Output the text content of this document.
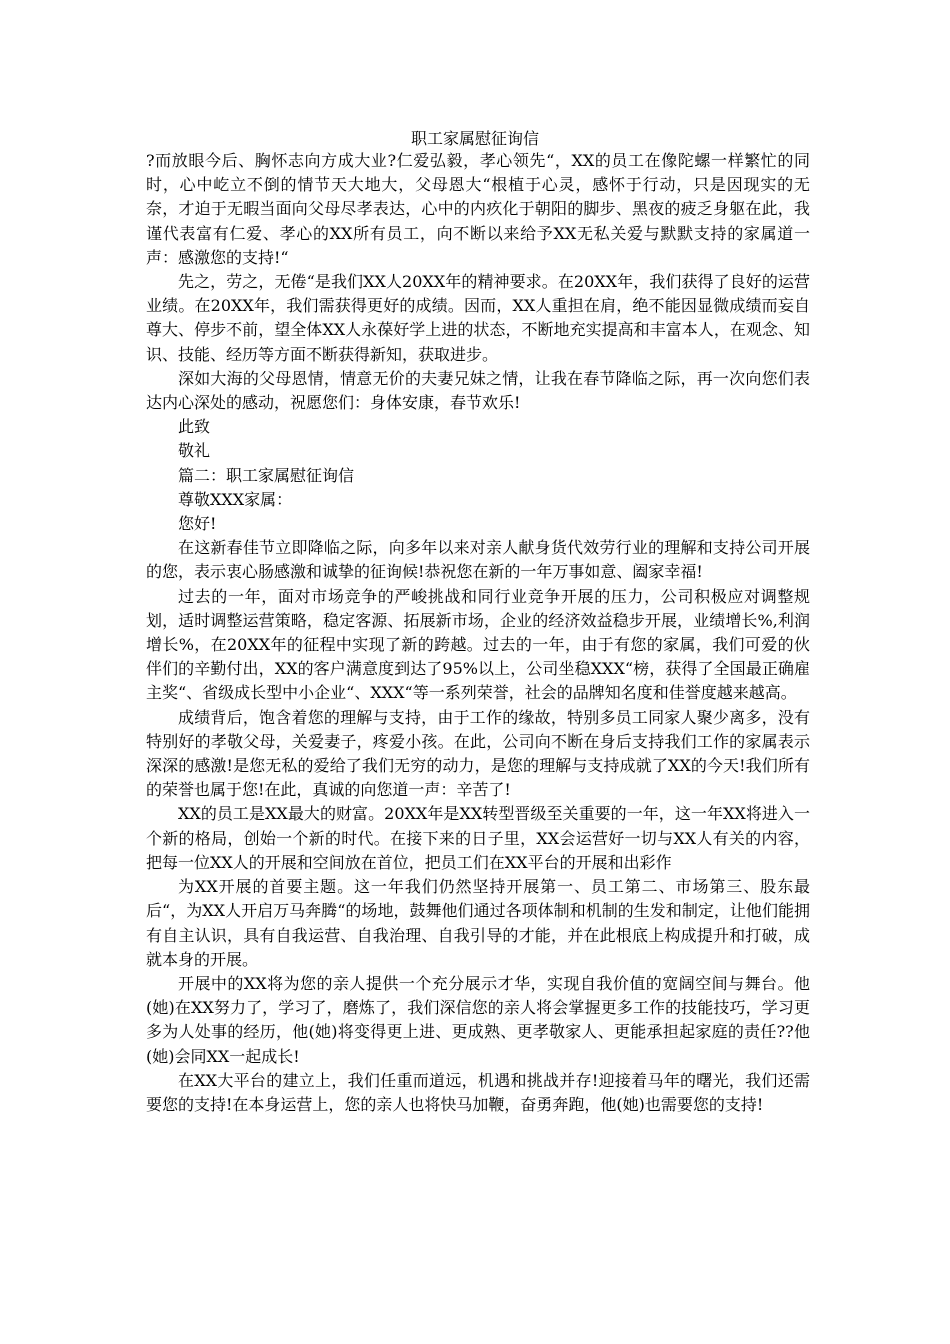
职工家属慰征询信

?而放眼今后、胸怀志向方成大业?仁爱弘毅，孝心领先“，XX的员工在像陀螺一样繁忙的同时，心中屹立不倒的情节天大地大，父母恩大“根植于心灵，感怀于行动，只是因现实的无奈，才迫于无暇当面向父母尽孝表达，心中的内疚化于朝阳的脚步、黑夜的疲乏身躯在此，我谨代表富有仁爱、孝心的XX所有员工，向不断以来给予XX无私关爱与默默支持的家属道一声：感激您的支持!“

先之，劳之，无倦“是我们XX人20XX年的精神要求。在20XX年，我们获得了良好的运营业绩。在20XX年，我们需获得更好的成绩。因而，XX人重担在肩，绝不能因显微成绩而妄自尊大、停步不前，望全体XX人永葆好学上进的状态，不断地充实提高和丰富本人，在观念、知识、技能、经历等方面不断获得新知，获取进步。

深如大海的父母恩情，情意无价的夫妻兄妹之情，让我在春节降临之际，再一次向您们表达内心深处的感动，祝愿您们：身体安康，春节欢乐!

此致

敬礼

篇二：职工家属慰征询信

尊敬XXX家属：

您好!

在这新春佳节立即降临之际，向多年以来对亲人献身货代效劳行业的理解和支持公司开展的您，表示衷心肠感激和诚挚的征询候!恭祝您在新的一年万事如意、阖家幸福!

过去的一年，面对市场竞争的严峻挑战和同行业竞争开展的压力，公司积极应对调整规划，适时调整运营策略，稳定客源、拓展新市场，企业的经济效益稳步开展，业绩增长%,利润增长%，在20XX年的征程中实现了新的跨越。过去的一年，由于有您的家属，我们可爱的伙伴们的辛勤付出，XX的客户满意度到达了95%以上，公司坐稳XXX“榜，获得了全国最正确雇主奖“、省级成长型中小企业“、XXX“等一系列荣誉，社会的品牌知名度和佳誉度越来越高。

成绩背后，饱含着您的理解与支持，由于工作的缘故，特别多员工同家人聚少离多，没有特别好的孝敬父母，关爱妻子，疼爱小孩。在此，公司向不断在身后支持我们工作的家属表示深深的感激!是您无私的爱给了我们无穷的动力，是您的理解与支持成就了XX的今天!我们所有的荣誉也属于您!在此，真诚的向您道一声：辛苦了!

XX的员工是XX最大的财富。20XX年是XX转型晋级至关重要的一年，这一年XX将进入一个新的格局，创始一个新的时代。在接下来的日子里，XX会运营好一切与XX人有关的内容，把每一位XX人的开展和空间放在首位，把员工们在XX平台的开展和出彩作

为XX开展的首要主题。这一年我们仍然坚持开展第一、员工第二、市场第三、股东最后“，为XX人开启万马奔腾“的场地，鼓舞他们通过各项体制和机制的生发和制定，让他们能拥有自主认识，具有自我运营、自我治理、自我引导的才能，并在此根底上构成提升和打破，成就本身的开展。

开展中的XX将为您的亲人提供一个充分展示才华，实现自我价值的宽阔空间与舞台。他(她)在XX努力了，学习了，磨炼了，我们深信您的亲人将会掌握更多工作的技能技巧，学习更多为人处事的经历，他(她)将变得更上进、更成熟、更孝敬家人、更能承担起家庭的责任??他(她)会同XX一起成长!

在XX大平台的建立上，我们任重而道远，机遇和挑战并存!迎接着马年的曙光，我们还需要您的支持!在本身运营上，您的亲人也将快马加鞭，奋勇奔跑，他(她)也需要您的支持!
